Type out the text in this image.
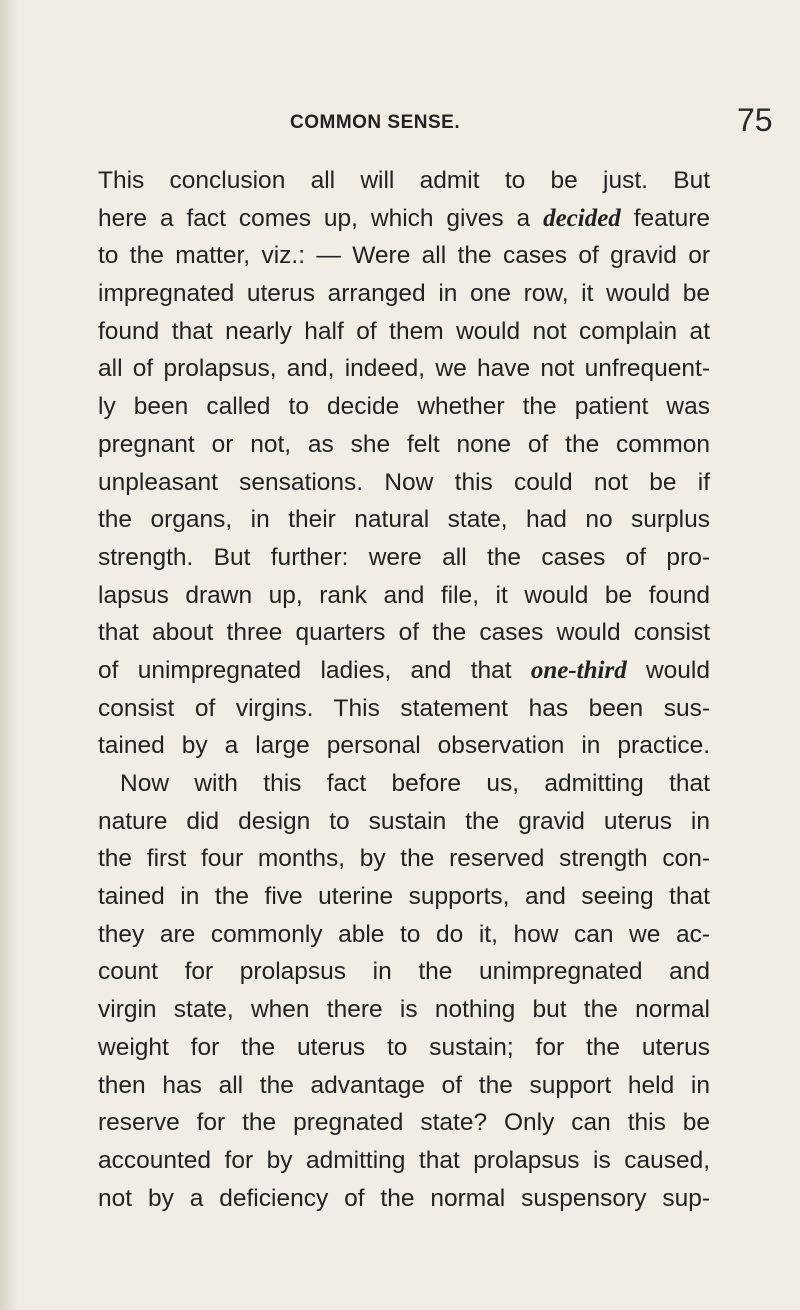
COMMON SENSE.	75
This conclusion all will admit to be just. But
here a fact comes up, which gives a decided feature
to the matter, viz.: — Were all the cases of gravid or
impregnated uterus arranged in one row, it would be
found that nearly half of them would not complain at
all of prolapsus, and, indeed, we have not unfrequent-
ly been called to decide whether the patient was
pregnant or not, as she felt none of the common
unpleasant sensations. Now this could not be if
the organs, in their natural state, had no surplus
strength. But further: were all the cases of pro-
lapsus drawn up, rank and file, it would be found
that about three quarters of the cases would consist
of unimpregnated ladies, and that one-third would
consist of virgins. This statement has been sus-
tained by a large personal observation in practice.
Now with this fact before us, admitting that
nature did design to sustain the gravid uterus in
the first four months, by the reserved strength con-
tained in the five uterine supports, and seeing that
they are commonly able to do it, how can we ac-
count for prolapsus in the unimpregnated and
virgin state, when there is nothing but the normal
weight for the uterus to sustain; for the uterus
then has all the advantage of the support held in
reserve for the pregnated state? Only can this be
accounted for by admitting that prolapsus is caused,
not by a deficiency of the normal suspensory sup-
